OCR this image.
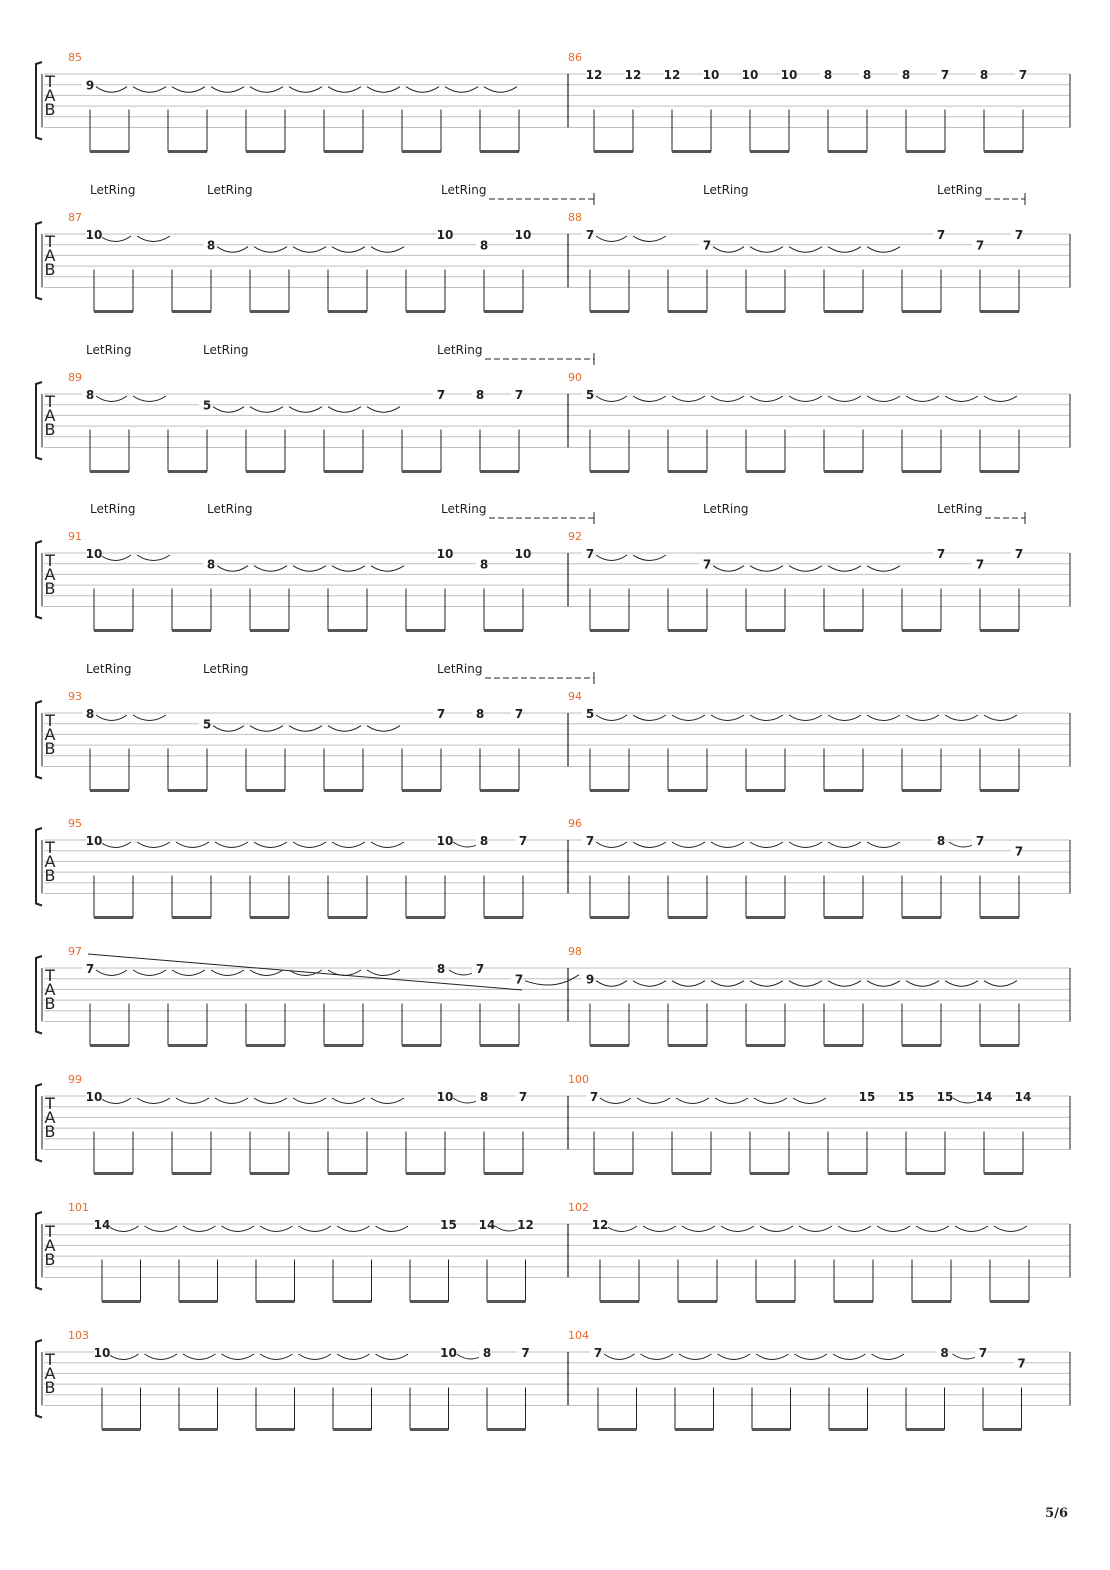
T
A
B
85
9
86
12 12 12 10 10 10 8	8	8	7	8	7
T
A
B
87
10
8
10
8
10
88
7
7
7
7
7
LetRing	LetRing	LetRing	LetRing	LetRing
T
A
B
89
8
5
7	8	7
90
5
LetRing	LetRing	LetRing
T
A
B
91
10
8
10
8
10
92
7
7
7
7
7
LetRing	LetRing	LetRing	LetRing	LetRing
T
A
B
93
8
5
7	8	7
94
5
LetRing	LetRing	LetRing
T
A
B
95
10	10 8	7
96
7	8	7
7
T
A
B
97
7	8	7
7
98
9
T
A
B
99
10	10 8	7
100
7	15 15 15 14 14
T
A
B
101
14	15 14 12
102
12
T
A
B
103
10	10 8	7
104
7	8	7
7
5/6
